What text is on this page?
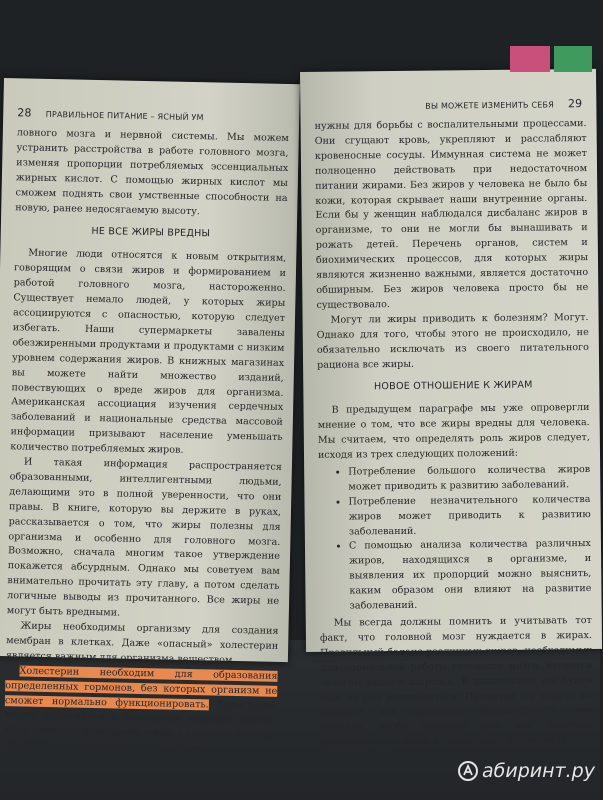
28 ПРАВИЛЬНОЕ ПИТАНИЕ – ЯСНЫЙ УМ

ловного мозга и нервной системы. Мы можем устранить расстройства в работе головного мозга, изменяя пропорции потребляемых эссенциальных жирных кислот. С помощью жирных кислот мы сможем поднять свои умственные способности на новую, ранее недосягаемую высоту.

НЕ ВСЕ ЖИРЫ ВРЕДНЫ

Многие люди относятся к новым открытиям, говорящим о связи жиров и формированием и работой головного мозга, настороженно. Существует немало людей, у которых жиры ассоциируются с опасностью, которую следует избегать. Наши супермаркеты завалены обезжиренными продуктами и продуктами с низким уровнем содержания жиров. В книжных магазинах вы можете найти множество изданий, повествующих о вреде жиров для организма. Американская ассоциация изучения сердечных заболеваний и национальные средства массовой информации призывают население уменьшать количество потребляемых жиров.

И такая информация распространяется образованными, интеллигентными людьми, делающими это в полной уверенности, что они правы. В книге, которую вы держите в руках, рассказывается о том, что жиры полезны для организма и особенно для головного мозга. Возможно, сначала многим такое утверждение покажется абсурдным. Однако мы советуем вам внимательно прочитать эту главу, а потом сделать логичные выводы из прочитанного. Все жиры не могут быть вредными.

Жиры необходимы организму для создания мембран в клетках. Даже «опасный» холестерин является важным для организма веществом.

Холестерин необходим для образования определенных гормонов, без которых организм не сможет нормально функционировать. Холестерин также содержится в мембранах нервных клеток. Наш организм использует жиры в качестве топлива для усиления структуры клеток. Жиры

ВЫ МОЖЕТЕ ИЗМЕНИТЬ СЕБЯ 29

нужны для борьбы с воспалительными процессами. Они сгущают кровь, укрепляют и расслабляют кровеносные сосуды. Иммунная система не может полноценно действовать при недостаточном питании жирами. Без жиров у человека не было бы кожи, которая скрывает наши внутренние органы. Если бы у женщин наблюдался дисбаланс жиров в организме, то они не могли бы вынашивать и рожать детей. Перечень органов, систем и биохимических процессов, для которых жиры являются жизненно важными, является достаточно обширным. Без жиров человека просто бы не существовало.

Могут ли жиры приводить к болезням? Могут. Однако для того, чтобы этого не происходило, не обязательно исключать из своего питательного рациона все жиры.

НОВОЕ ОТНОШЕНИЕ К ЖИРАМ

В предыдущем параграфе мы уже опровергли мнение о том, что все жиры вредны для человека. Мы считаем, что определять роль жиров следует, исходя из трех следующих положений:

• Потребление большого количества жиров может приводить к развитию заболеваний.
• Потребление незначительного количества жиров может приводить к развитию заболеваний.
• С помощью анализа количества различных жиров, находящихся в организме, и выявления их пропорций можно выяснить, каким образом они влияют на развитие заболеваний.

Мы всегда должны помнить и учитывать тот факт, что головной мозг нуждается в жирах. Правильный баланс различных жиров, необходимых для нормальной работы головного мозга, является залогом вашего здоровья. В дальнейшем мы будем еще не раз возвращаться. Прочитав эту книгу, вы поймете, как правильно сбалансировать свое питание, чтобы головной мозг мог получать разнообразные жиры в правильных пропорциях.

абиринт.ру
